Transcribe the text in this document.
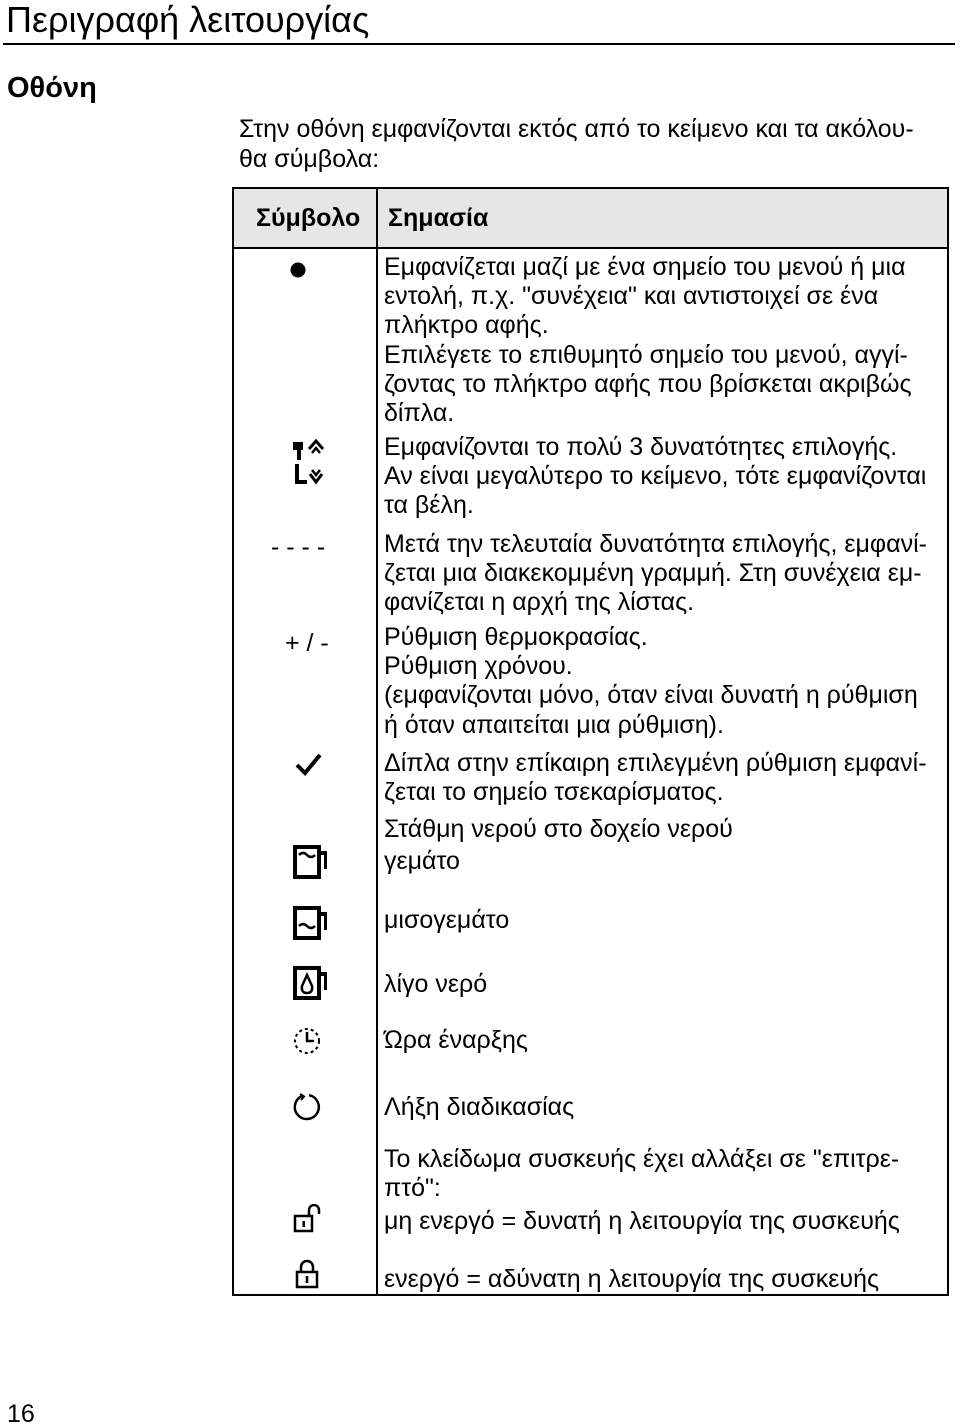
Περιγραφή λειτουργίας
Οθόνη
Στην οθόνη εμφανίζονται εκτός από το κείμενο και τα ακόλου-
θα σύμβολα:
Σύμβολο Σημασία
Εμφανίζεται μαζί με ένα σημείο του μενού ή μια
εντολή, π.χ. "συνέχεια" και αντιστοιχεί σε ένα
πλήκτρο αφής.
Επιλέγετε το επιθυμητό σημείο του μενού, αγγί-
ζοντας το πλήκτρο αφής που βρίσκεται ακριβώς
δίπλα.
Εμφανίζονται το πολύ 3 δυνατότητες επιλογής.
Αν είναι μεγαλύτερο το κείμενο, τότε εμφανίζονται
τα βέλη.
- - - - Μετά την τελευταία δυνατότητα επιλογής, εμφανί-
ζεται μια διακεκομμένη γραμμή. Στη συνέχεια εμ-
φανίζεται η αρχή της λίστας.
+ / - Ρύθμιση θερμοκρασίας.
Ρύθμιση χρόνου.
(εμφανίζονται μόνο, όταν είναι δυνατή η ρύθμιση
ή όταν απαιτείται μια ρύθμιση).
Δίπλα στην επίκαιρη επιλεγμένη ρύθμιση εμφανί-
ζεται το σημείο τσεκαρίσματος.
Στάθμη νερού στο δοχείο νερού
γεμάτο
μισογεμάτο
λίγο νερό
Ώρα έναρξης
Λήξη διαδικασίας
Το κλείδωμα συσκευής έχει αλλάξει σε "επιτρε-
πτό":
μη ενεργό = δυνατή η λειτουργία της συσκευής
ενεργό = αδύνατη η λειτουργία της συσκευής
16
